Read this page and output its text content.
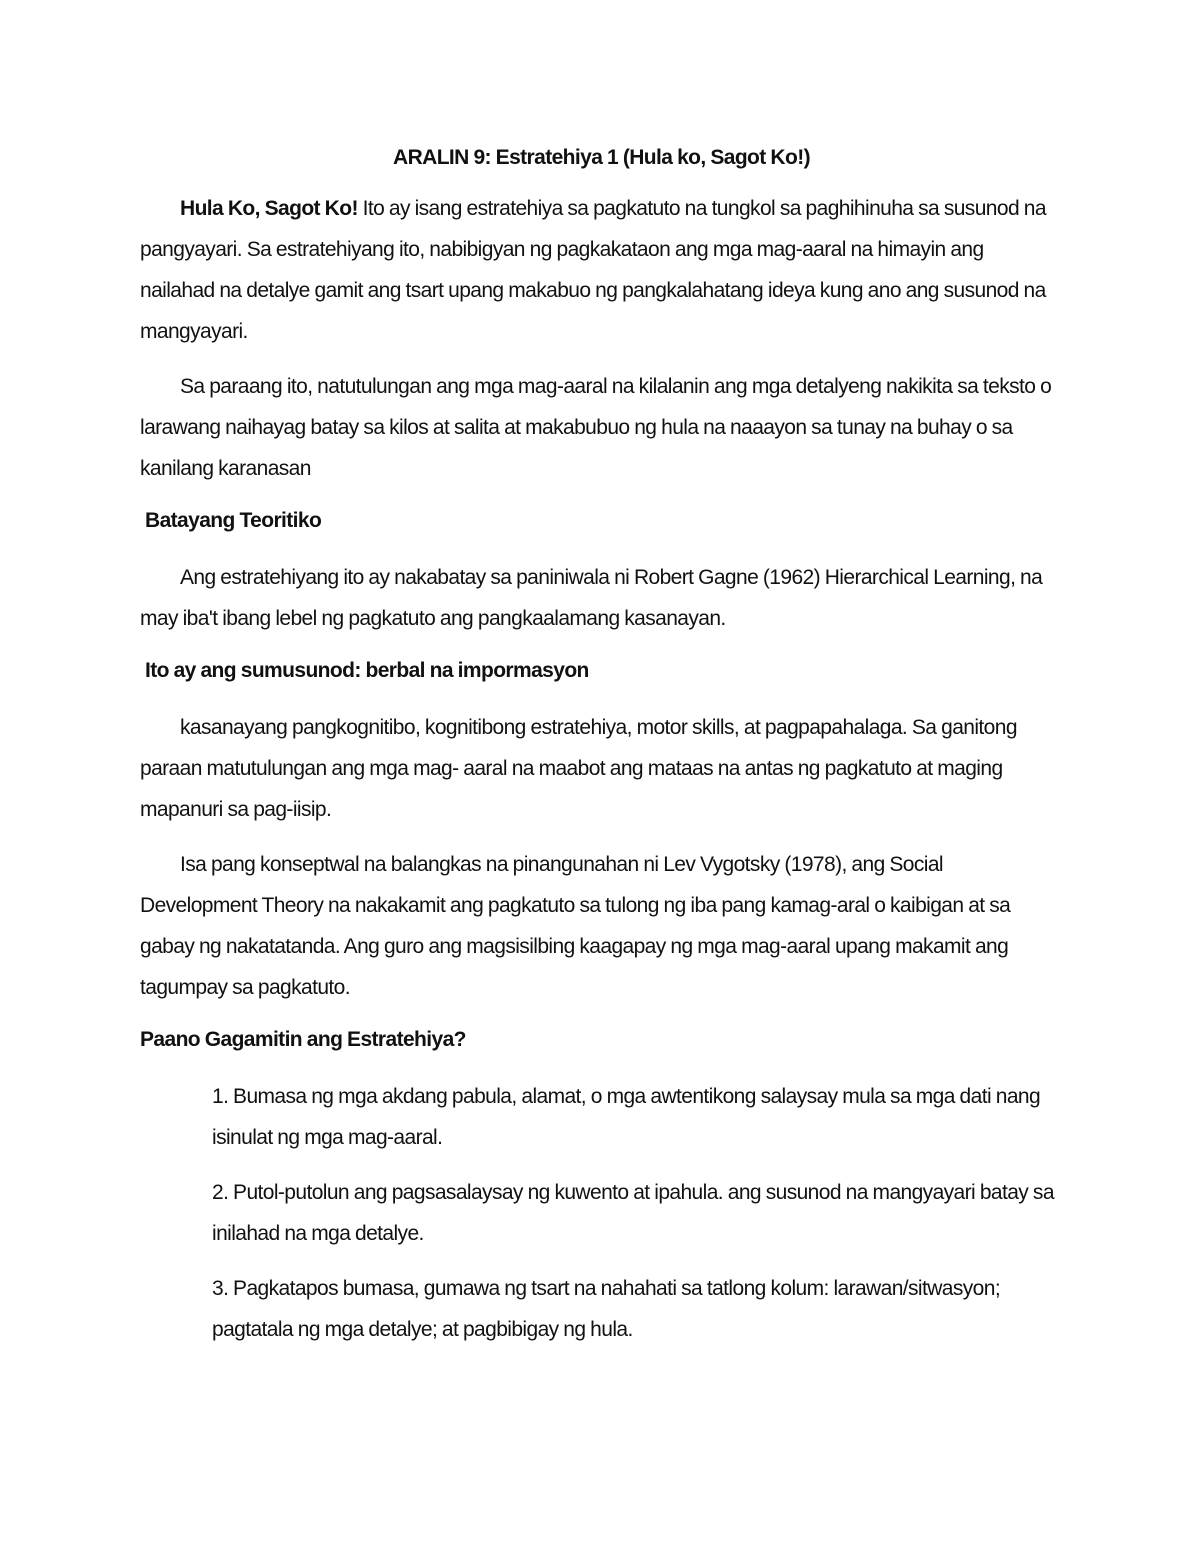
ARALIN 9: Estratehiya 1 (Hula ko, Sagot Ko!)

Hula Ko, Sagot Ko! Ito ay isang estratehiya sa pagkatuto na tungkol sa paghihinuha sa susunod na pangyayari. Sa estratehiyang ito, nabibigyan ng pagkakataon ang mga mag-aaral na himayin ang nailahad na detalye gamit ang tsart upang makabuo ng pangkalahatang ideya kung ano ang susunod na mangyayari.

Sa paraang ito, natutulungan ang mga mag-aaral na kilalanin ang mga detalyeng nakikita sa teksto o larawang naihayag batay sa kilos at salita at makabubuo ng hula na naaayon sa tunay na buhay o sa kanilang karanasan

Batayang Teoritiko

Ang estratehiyang ito ay nakabatay sa paniniwala ni Robert Gagne (1962) Hierarchical Learning, na may iba't ibang lebel ng pagkatuto ang pangkaalamang kasanayan.

Ito ay ang sumusunod: berbal na impormasyon

kasanayang pangkognitibo, kognitibong estratehiya, motor skills, at pagpapahalaga. Sa ganitong paraan matutulungan ang mga mag- aaral na maabot ang mataas na antas ng pagkatuto at maging mapanuri sa pag-iisip.

Isa pang konseptwal na balangkas na pinangunahan ni Lev Vygotsky (1978), ang Social Development Theory na nakakamit ang pagkatuto sa tulong ng iba pang kamag-aral o kaibigan at sa gabay ng nakatatanda. Ang guro ang magsisilbing kaagapay ng mga mag-aaral upang makamit ang tagumpay sa pagkatuto.

Paano Gagamitin ang Estratehiya?

1. Bumasa ng mga akdang pabula, alamat, o mga awtentikong salaysay mula sa mga dati nang isinulat ng mga mag-aaral.
2. Putol-putolun ang pagsasalaysay ng kuwento at ipahula. ang susunod na mangyayari batay sa inilahad na mga detalye.
3. Pagkatapos bumasa, gumawa ng tsart na nahahati sa tatlong kolum: larawan/sitwasyon; pagtatala ng mga detalye; at pagbibigay ng hula.
